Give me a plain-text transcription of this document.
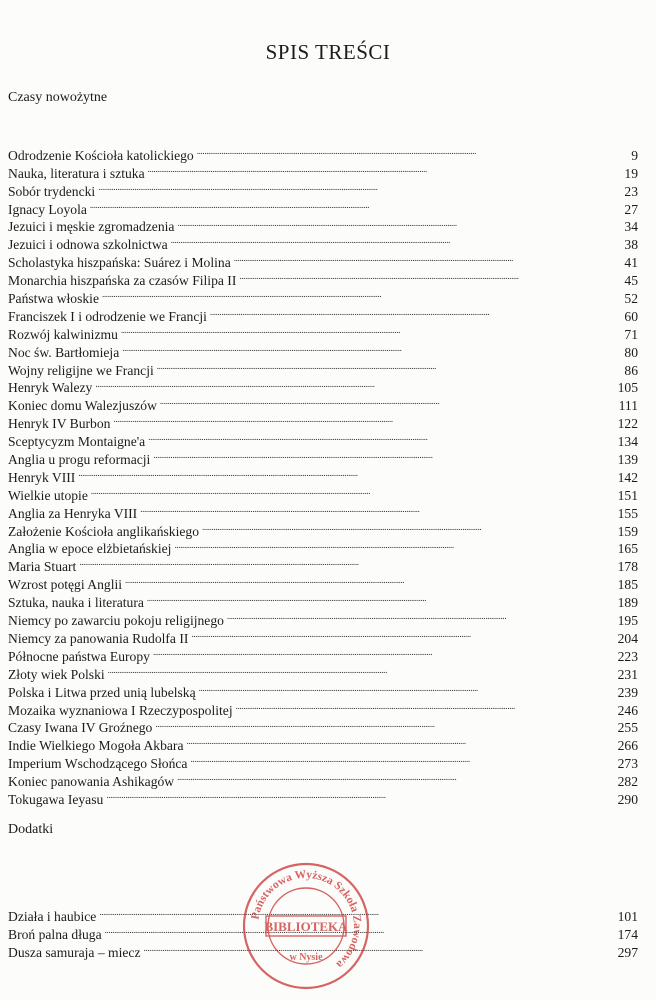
SPIS TREŚCI
Czasy nowożytne
Odrodzenie Kościoła katolickiego . . .	9
Nauka, literatura i sztuka . . .	19
Sobór trydencki . . .	23
Ignacy Loyola . . .	27
Jezuici i męskie zgromadzenia . . .	34
Jezuici i odnowa szkolnictwa . . .	38
Scholastyka hiszpańska: Suárez i Molina . . .	41
Monarchia hiszpańska za czasów Filipa II . . .	45
Państwa włoskie . . .	52
Franciszek I i odrodzenie we Francji . . .	60
Rozwój kalwinizmu . . .	71
Noc św. Bartłomieja . . .	80
Wojny religijne we Francji . . .	86
Henryk Walezy . . .	105
Koniec domu Walezjuszów . . .	111
Henryk IV Burbon . . .	122
Sceptycyzm Montaigne'a . . .	134
Anglia u progu reformacji . . .	139
Henryk VIII . . .	142
Wielkie utopie . . .	151
Anglia za Henryka VIII . . .	155
Założenie Kościoła anglikańskiego . . .	159
Anglia w epoce elżbietańskiej . . .	165
Maria Stuart . . .	178
Wzrost potęgi Anglii . . .	185
Sztuka, nauka i literatura . . .	189
Niemcy po zawarciu pokoju religijnego . . .	195
Niemcy za panowania Rudolfa II . . .	204
Północne państwa Europy . . .	223
Złoty wiek Polski . . .	231
Polska i Litwa przed unią lubelską . . .	239
Mozaika wyznaniowa I Rzeczypospolitej . . .	246
Czasy Iwana IV Groźnego . . .	255
Indie Wielkiego Mogoła Akbara . . .	266
Imperium Wschodzącego Słońca . . .	273
Koniec panowania Ashikagów . . .	282
Tokugawa Ieyasu . . .	290
Dodatki
Działa i haubice . . .	101
Broń palna długa . . .	174
Dusza samuraja – miecz . . .	297
Państwowa Wyższa Szkoła Zawodowa
BIBLIOTEKA
w Nysie
